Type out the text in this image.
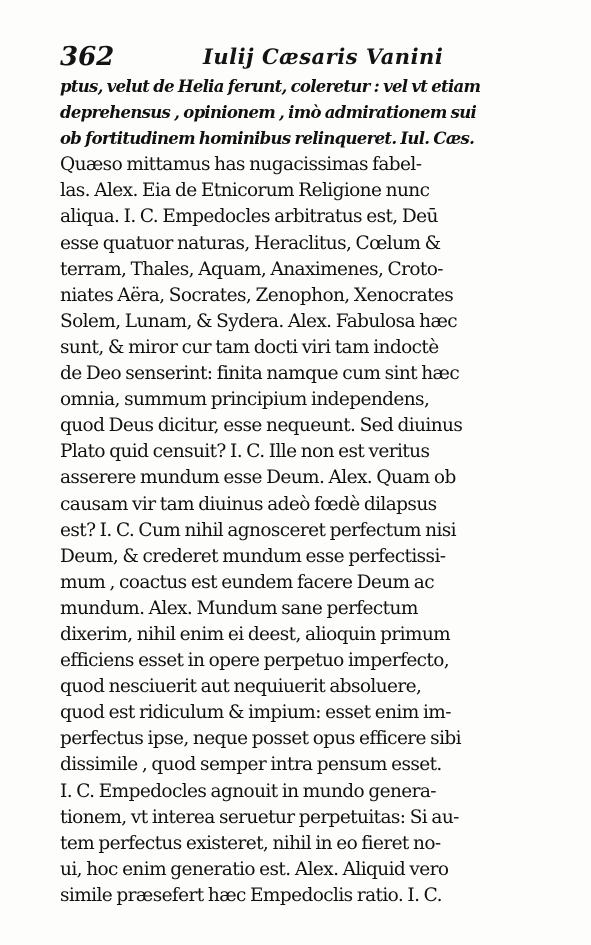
362	Iulij Cæsaris Vanini
ptus, velut de Helia ferunt, coleretur : vel vt etiam
deprehensus , opinionem , imò admirationem sui
ob fortitudinem hominibus relinqueret. Iul. Cæs.
Quæso mittamus has nugacissimas fabel-
las. Alex. Eia de Etnicorum Religione nunc
aliqua. I. C. Empedocles arbitratus est, Deū
esse quatuor naturas, Heraclitus, Cœlum &
terram, Thales, Aquam, Anaximenes, Croto-
niates Aëra, Socrates, Zenophon, Xenocrates
Solem, Lunam, & Sydera. Alex. Fabulosa hæc
sunt, & miror cur tam docti viri tam indoctè
de Deo senserint: finita namque cum sint hæc
omnia, summum principium independens,
quod Deus dicitur, esse nequeunt. Sed diuinus
Plato quid censuit? I. C. Ille non est veritus
asserere mundum esse Deum. Alex. Quam ob
causam vir tam diuinus adeò fœdè dilapsus
est? I. C. Cum nihil agnosceret perfectum nisi
Deum, & crederet mundum esse perfectissi-
mum , coactus est eundem facere Deum ac
mundum. Alex. Mundum sane perfectum
dixerim, nihil enim ei deest, alioquin primum
efficiens esset in opere perpetuo imperfecto,
quod nesciuerit aut nequiuerit absoluere,
quod est ridiculum & impium: esset enim im-
perfectus ipse, neque posset opus efficere sibi
dissimile , quod semper intra pensum esset.
I. C. Empedocles agnouit in mundo genera-
tionem, vt interea seruetur perpetuitas: Si au-
tem perfectus existeret, nihil in eo fieret no-
ui, hoc enim generatio est. Alex. Aliquid vero
simile præsefert hæc Empedoclis ratio. I. C.
